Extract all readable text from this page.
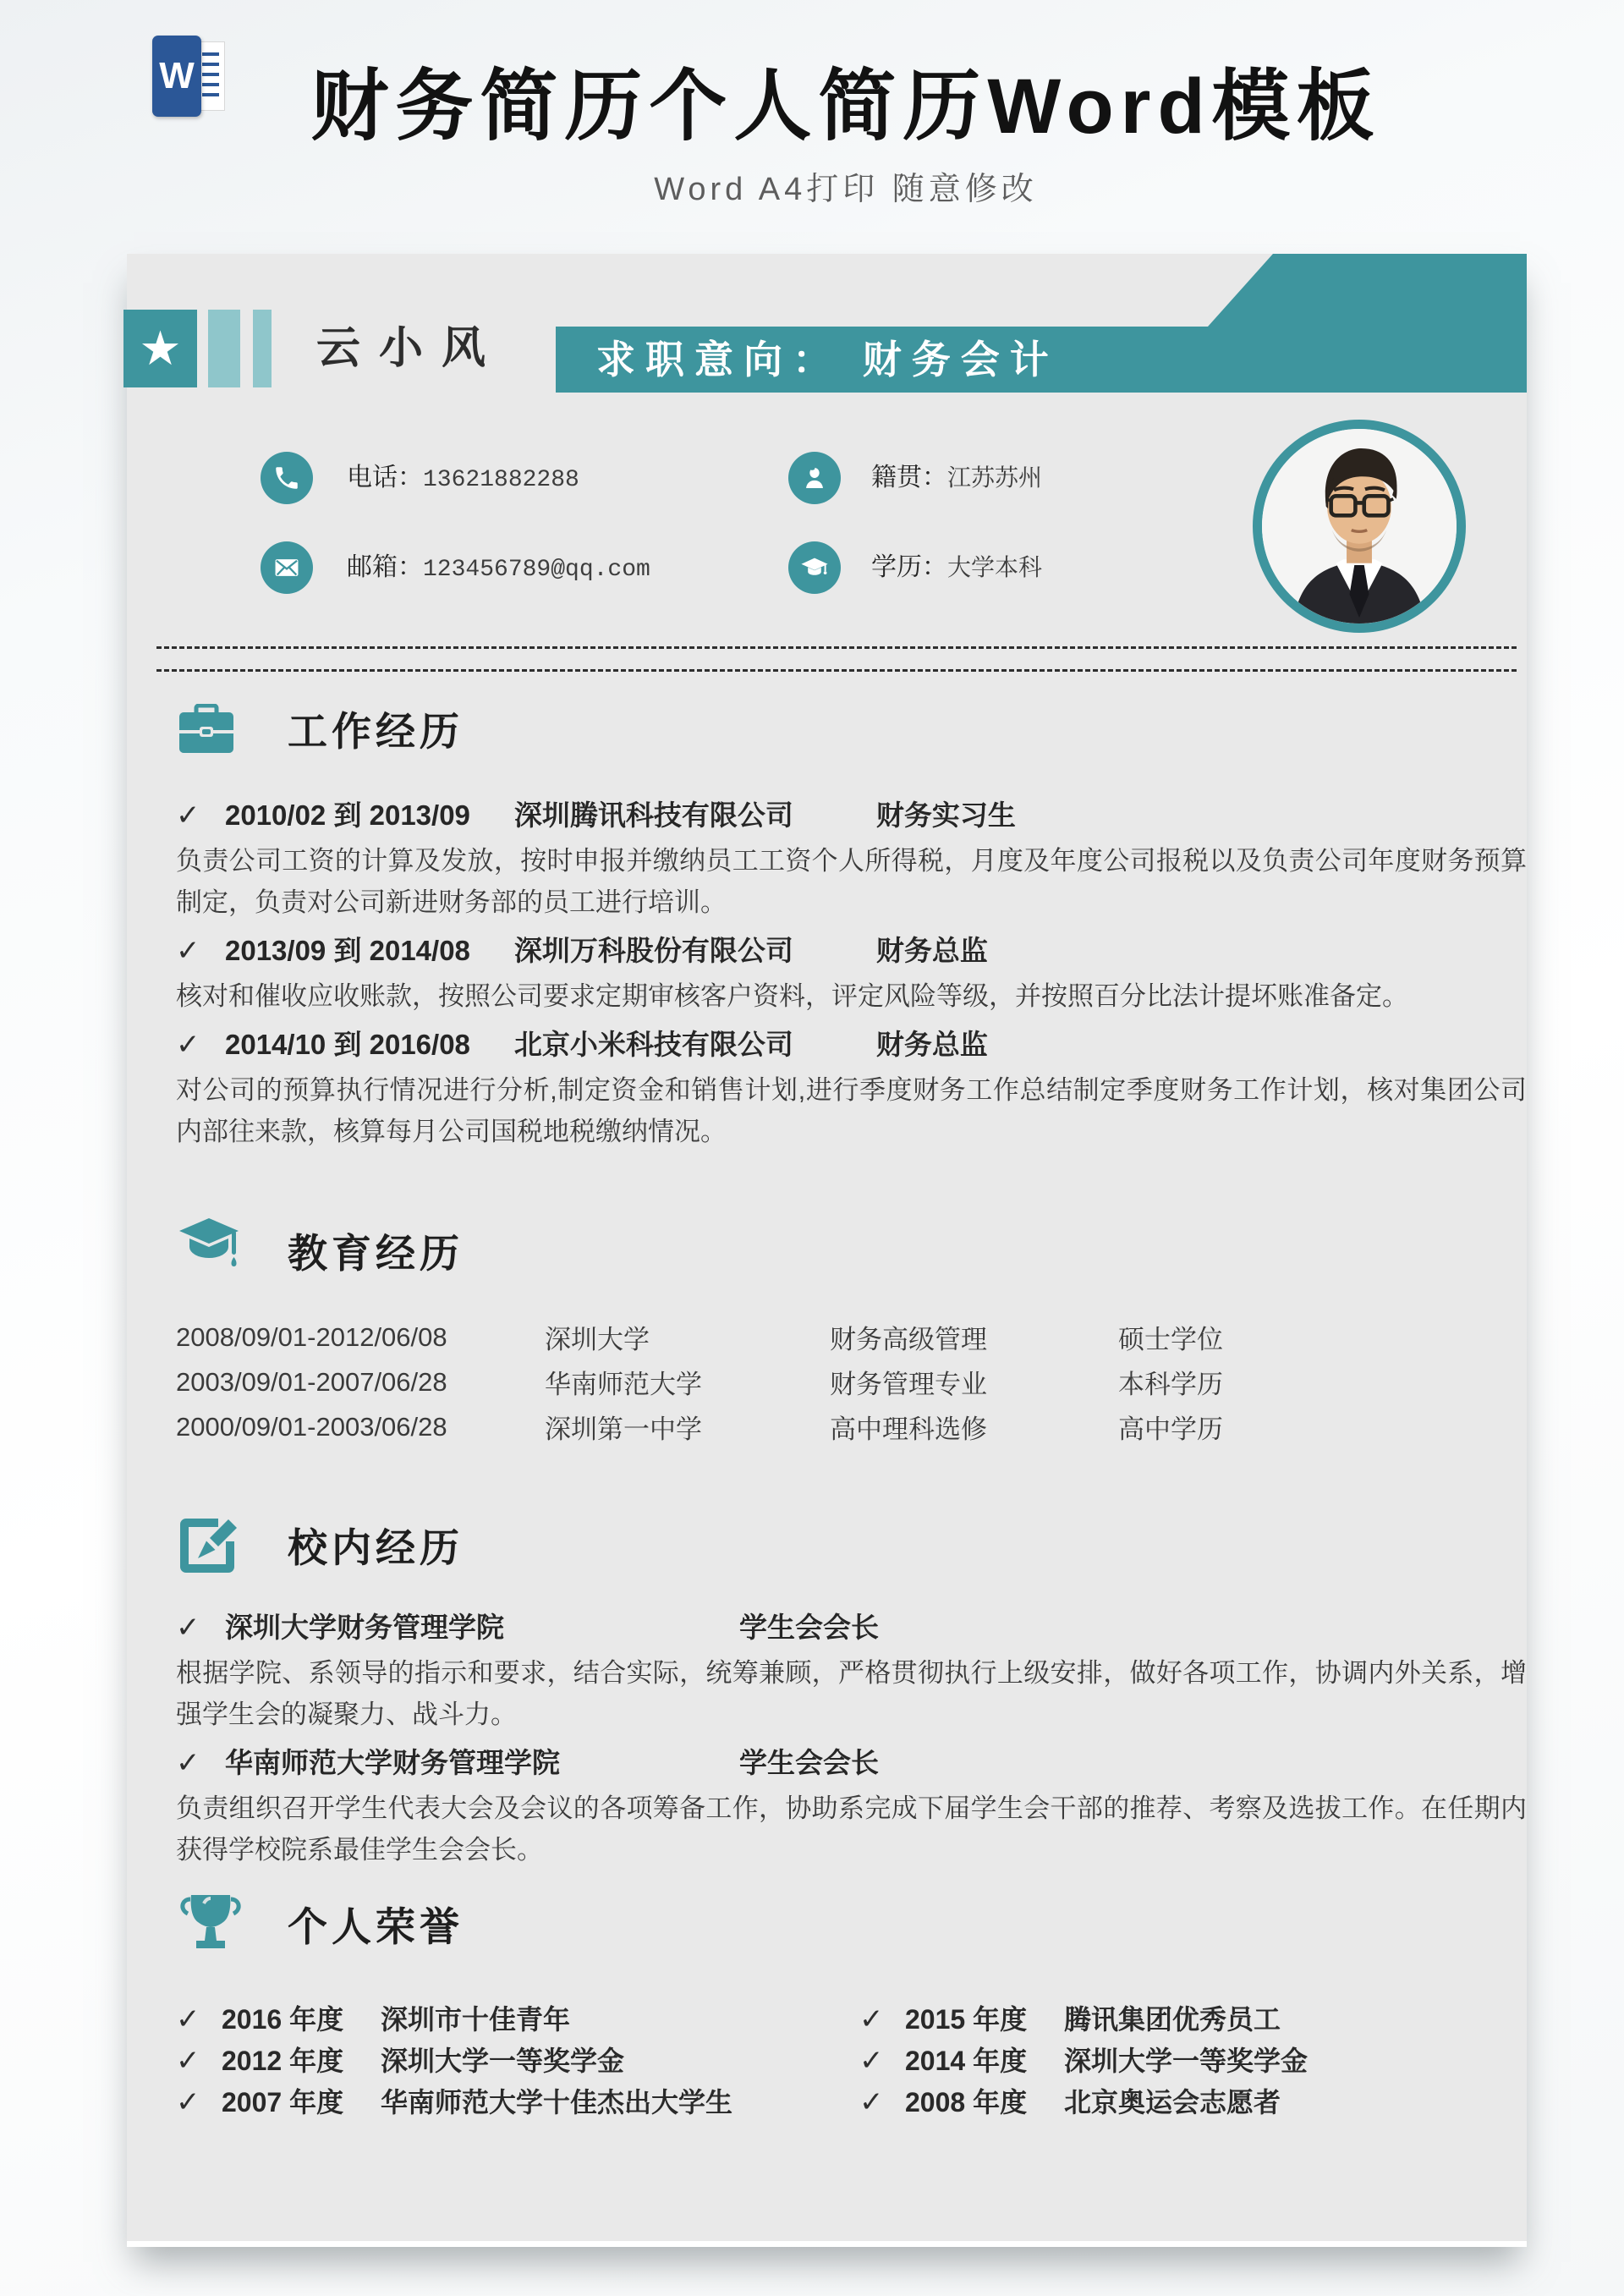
W	财务简历个人简历Word模板
Word A4打印 随意修改
★	云小风	求职意向： 财务会计
电话：13621882288
邮箱：123456789@qq.com
籍贯：江苏苏州
学历：大学本科
工作经历
✓ 2010/02 到 2013/09 深圳腾讯科技有限公司	财务实习生
负责公司工资的计算及发放，按时申报并缴纳员工工资个人所得税，月度及年度公司报税以及负责公司年度财务预算制定，负责对公司新进财务部的员工进行培训。
✓ 2013/09 到 2014/08 深圳万科股份有限公司	财务总监
核对和催收应收账款，按照公司要求定期审核客户资料，评定风险等级，并按照百分比法计提坏账准备定。
✓ 2014/10 到 2016/08 北京小米科技有限公司	财务总监
对公司的预算执行情况进行分析,制定资金和销售计划,进行季度财务工作总结制定季度财务工作计划，核对集团公司内部往来款，核算每月公司国税地税缴纳情况。
教育经历
2008/09/01-2012/06/08	深圳大学	财务高级管理	硕士学位
2003/09/01-2007/06/28	华南师范大学	财务管理专业	本科学历
2000/09/01-2003/06/28	深圳第一中学	高中理科选修	高中学历
校内经历
✓ 深圳大学财务管理学院	学生会会长
根据学院、系领导的指示和要求，结合实际，统筹兼顾，严格贯彻执行上级安排，做好各项工作，协调内外关系，增强学生会的凝聚力、战斗力。
✓ 华南师范大学财务管理学院	学生会会长
负责组织召开学生代表大会及会议的各项筹备工作，协助系完成下届学生会干部的推荐、考察及选拔工作。在任期内获得学校院系最佳学生会会长。
个人荣誉
✓ 2016 年度	深圳市十佳青年
✓ 2012 年度	深圳大学一等奖学金
✓ 2007 年度	华南师范大学十佳杰出大学生
✓ 2015 年度	腾讯集团优秀员工
✓ 2014 年度	深圳大学一等奖学金
✓ 2008 年度	北京奥运会志愿者
